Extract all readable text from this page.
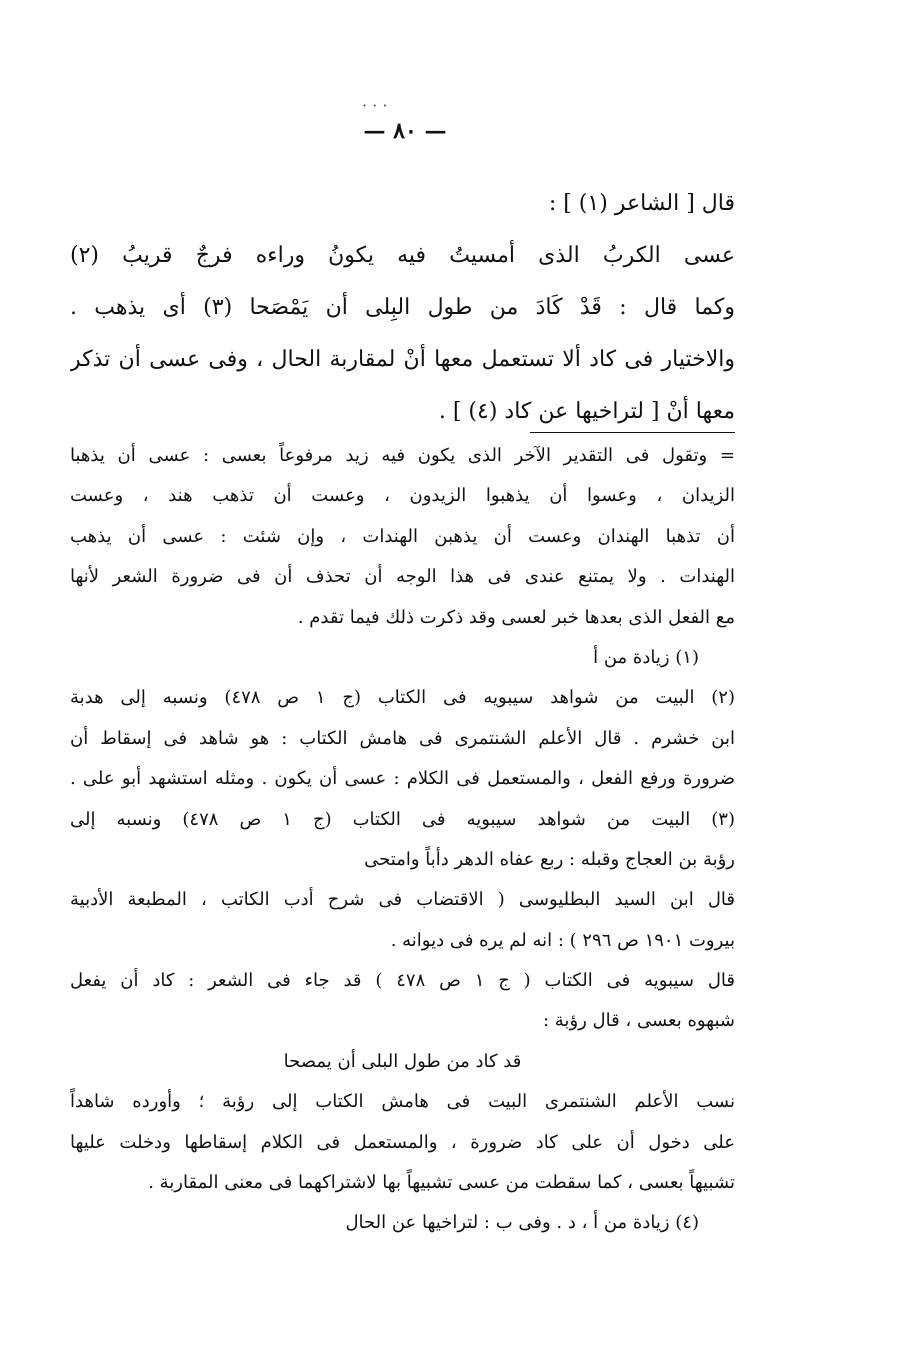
· · ·
— ٨٠ —

قال [ الشاعر (١) ] :

عسى الكربُ الذى أمسيتُ فيه يكونُ وراءه فرجٌ قريبُ (٢)

وكما قال : قَدْ كَادَ من طول البِلى أن يَمْصَحا (٣) أى يذهب .

والاختيار فى كاد ألا تستعمل معها أنْ لمقاربة الحال ، وفى عسى أن تذكر

معها أنْ [ لتراخيها عن كاد (٤) ] .

= وتقول فى التقدير الآخر الذى يكون فيه زيد مرفوعاً بعسى : عسى أن يذهبا

الزيدان ، وعسوا أن يذهبوا الزيدون ، وعست أن تذهب هند ، وعست

أن تذهبا الهندان وعست أن يذهبن الهندات ، وإن شئت : عسى أن يذهب

الهندات . ولا يمتنع عندى فى هذا الوجه أن تحذف أن فى ضرورة الشعر لأنها

مع الفعل الذى بعدها خبر لعسى وقد ذكرت ذلك فيما تقدم .

(١) زيادة من أ

(٢) البيت من شواهد سيبويه فى الكتاب (ج ١ ص ٤٧٨) ونسبه إلى هدبة

ابن خشرم . قال الأعلم الشنتمرى فى هامش الكتاب : هو شاهد فى إسقاط أن

ضرورة ورفع الفعل ، والمستعمل فى الكلام : عسى أن يكون . ومثله استشهد أبو على .

(٣) البيت من شواهد سيبويه فى الكتاب (ج ١ ص ٤٧٨) ونسبه إلى

رؤبة بن العجاج وقبله : ربع عفاه الدهر دأباً وامتحى

قال ابن السيد البطليوسى ( الاقتضاب فى شرح أدب الكاتب ، المطبعة الأدبية

بيروت ١٩٠١ ص ٢٩٦ ) : انه لم يره فى ديوانه .

قال سيبويه فى الكتاب ( ج ١ ص ٤٧٨ ) قد جاء فى الشعر : كاد أن يفعل

شبهوه بعسى ، قال رؤبة :

قد كاد من طول البلى أن يمصحا

نسب الأعلم الشنتمرى البيت فى هامش الكتاب إلى رؤبة ؛ وأورده شاهداً

على دخول أن على كاد ضرورة ، والمستعمل فى الكلام إسقاطها ودخلت عليها

تشبيهاً بعسى ، كما سقطت من عسى تشبيهاً بها لاشتراكهما فى معنى المقاربة .

(٤) زيادة من أ ، د . وفى ب : لتراخيها عن الحال
